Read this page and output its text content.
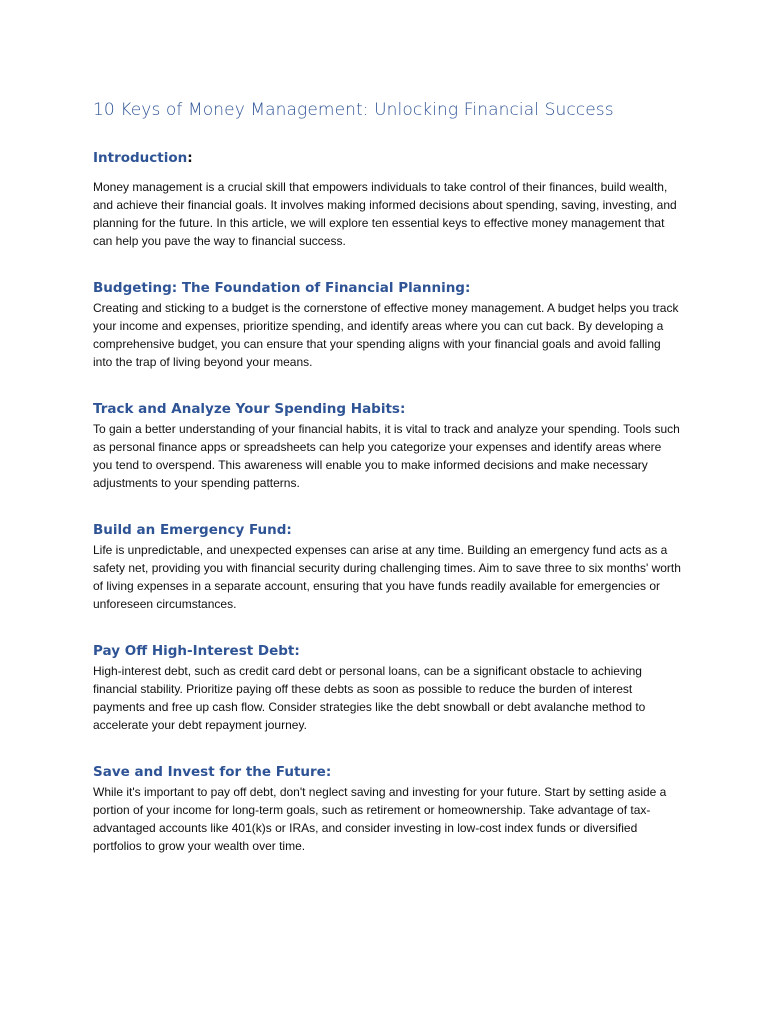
10 Keys of Money Management: Unlocking Financial Success
Introduction:

Money management is a crucial skill that empowers individuals to take control of their finances, build wealth, and achieve their financial goals. It involves making informed decisions about spending, saving, investing, and planning for the future. In this article, we will explore ten essential keys to effective money management that can help you pave the way to financial success.

Budgeting: The Foundation of Financial Planning:

Creating and sticking to a budget is the cornerstone of effective money management. A budget helps you track your income and expenses, prioritize spending, and identify areas where you can cut back. By developing a comprehensive budget, you can ensure that your spending aligns with your financial goals and avoid falling into the trap of living beyond your means.

Track and Analyze Your Spending Habits:

To gain a better understanding of your financial habits, it is vital to track and analyze your spending. Tools such as personal finance apps or spreadsheets can help you categorize your expenses and identify areas where you tend to overspend. This awareness will enable you to make informed decisions and make necessary adjustments to your spending patterns.

Build an Emergency Fund:

Life is unpredictable, and unexpected expenses can arise at any time. Building an emergency fund acts as a safety net, providing you with financial security during challenging times. Aim to save three to six months' worth of living expenses in a separate account, ensuring that you have funds readily available for emergencies or unforeseen circumstances.

Pay Off High-Interest Debt:

High-interest debt, such as credit card debt or personal loans, can be a significant obstacle to achieving financial stability. Prioritize paying off these debts as soon as possible to reduce the burden of interest payments and free up cash flow. Consider strategies like the debt snowball or debt avalanche method to accelerate your debt repayment journey.

Save and Invest for the Future:

While it's important to pay off debt, don't neglect saving and investing for your future. Start by setting aside a portion of your income for long-term goals, such as retirement or homeownership. Take advantage of tax-advantaged accounts like 401(k)s or IRAs, and consider investing in low-cost index funds or diversified portfolios to grow your wealth over time.
